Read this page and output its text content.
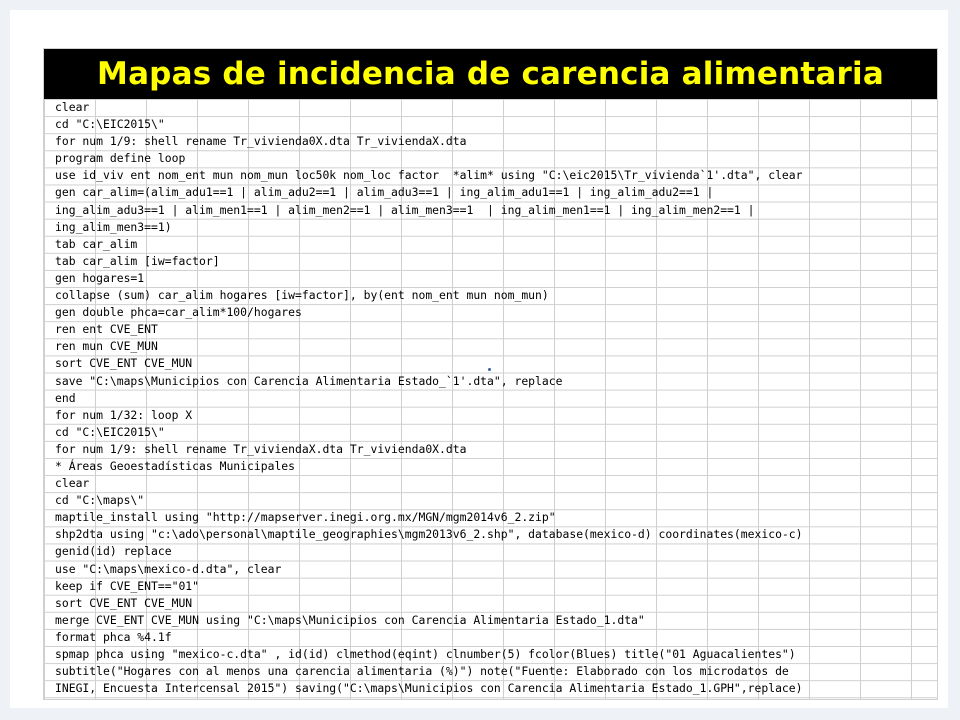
Mapas de incidencia de carencia alimentaria
clear
cd "C:\EIC2015\"
for num 1/9: shell rename Tr_vivienda0X.dta Tr_viviendaX.dta
program define loop
use id_viv ent nom_ent mun nom_mun loc50k nom_loc factor  *alim* using "C:\eic2015\Tr_vivienda`1'.dta", clear
gen car_alim=(alim_adu1==1 | alim_adu2==1 | alim_adu3==1 | ing_alim_adu1==1 | ing_alim_adu2==1 |
ing_alim_adu3==1 | alim_men1==1 | alim_men2==1 | alim_men3==1  | ing_alim_men1==1 | ing_alim_men2==1 |
ing_alim_men3==1)
tab car_alim
tab car_alim [iw=factor]
gen hogares=1
collapse (sum) car_alim hogares [iw=factor], by(ent nom_ent mun nom_mun)
gen double phca=car_alim*100/hogares
ren ent CVE_ENT
ren mun CVE_MUN
sort CVE_ENT CVE_MUN
save "C:\maps\Municipios con Carencia Alimentaria Estado_`1'.dta", replace
end
for num 1/32: loop X
cd "C:\EIC2015\"
for num 1/9: shell rename Tr_viviendaX.dta Tr_vivienda0X.dta
* Áreas Geoestadísticas Municipales
clear
cd "C:\maps\"
maptile_install using "http://mapserver.inegi.org.mx/MGN/mgm2014v6_2.zip"
shp2dta using "c:\ado\personal\maptile_geographies\mgm2013v6_2.shp", database(mexico-d) coordinates(mexico-c)
genid(id) replace
use "C:\maps\mexico-d.dta", clear
keep if CVE_ENT=="01"
sort CVE_ENT CVE_MUN
merge CVE_ENT CVE_MUN using "C:\maps\Municipios con Carencia Alimentaria Estado_1.dta"
format phca %4.1f
spmap phca using "mexico-c.dta" , id(id) clmethod(eqint) clnumber(5) fcolor(Blues) title("01 Aguacalientes")
subtitle("Hogares con al menos una carencia alimentaria (%)") note("Fuente: Elaborado con los microdatos de
INEGI, Encuesta Intercensal 2015") saving("C:\maps\Municipios con Carencia Alimentaria Estado_1.GPH",replace)
